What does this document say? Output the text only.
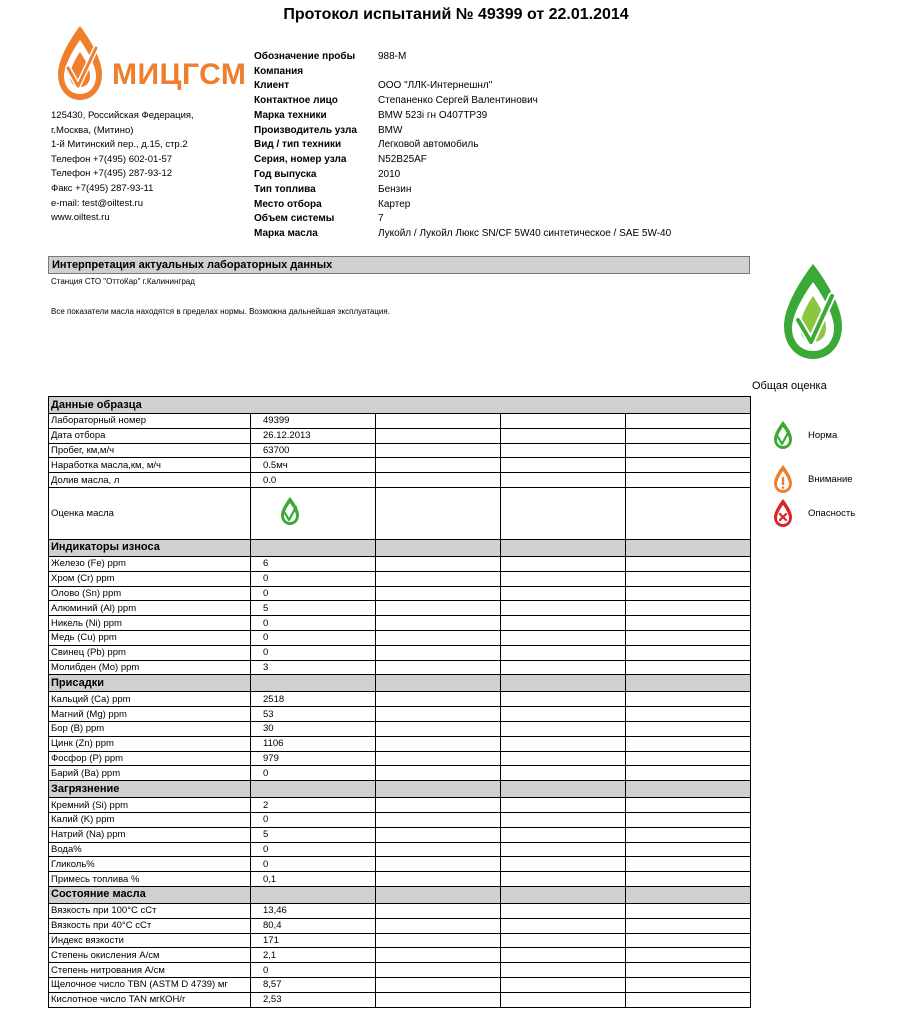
Протокол испытаний № 49399 от 22.01.2014
МИЦГСМ
125430, Российская Федерация,
г.Москва, (Митино)
1-й Митинский пер., д.15, стр.2
Телефон +7(495) 602-01-57
Телефон +7(495) 287-93-12
Факс +7(495) 287-93-11
e-mail: test@oiltest.ru
www.oiltest.ru
Обозначение пробы	988-М
Компания
Клиент	ООО "ЛЛК-Интернешнл"
Контактное лицо	Степаненко Сергей Валентинович
Марка техники	BMW 523i гн О407ТР39
Производитель узла	BMW
Вид / тип техники	Легковой автомобиль
Серия, номер узла	N52B25AF
Год выпуска	2010
Тип топлива	Бензин
Место отбора	Картер
Объем системы	7
Марка масла	Лукойл / Лукойл Люкс SN/CF 5W40 синтетическое / SAE 5W-40
Интерпретация актуальных лабораторных данных
Станция СТО "ОттоКар" г.Калининград
Все показатели масла находятся в пределах нормы. Возможна дальнейшая эксплуатация.
Общая оценка
Норма
Внимание
Опасность
Данные образца				
Лабораторный номер	49399			
Дата отбора	26.12.2013			
Пробег, км,м/ч	63700			
Наработка масла,км, м/ч	0.5мч			
Долив масла, л	0.0			
Оценка масла				
Индикаторы износа				
Железо (Fe) ppm	6			
Хром (Cr) ppm	0			
Олово (Sn) ppm	0			
Алюминий (Al) ppm	5			
Никель (Ni) ppm	0			
Медь (Cu) ppm	0			
Свинец (Pb) ppm	0			
Молибден (Mo) ppm	3			
Присадки				
Кальций (Ca) ppm	2518			
Магний (Mg) ppm	53			
Бор (B) ppm	30			
Цинк (Zn) ppm	1106			
Фосфор (P) ppm	979			
Барий (Ba) ppm	0			
Загрязнение				
Кремний (Si) ppm	2			
Калий (K) ppm	0			
Натрий (Na) ppm	5			
Вода%	0			
Гликоль%	0			
Примесь топлива %	0,1			
Состояние масла				
Вязкость при 100°С сСт	13,46			
Вязкость при 40°С сСт	80,4			
Индекс вязкости	171			
Степень окисления А/см	2,1			
Степень нитрования А/см	0			
Щелочное число TBN (ASTM D 4739) мг	8,57			
Кислотное число TAN мгКОН/г	2,53			
